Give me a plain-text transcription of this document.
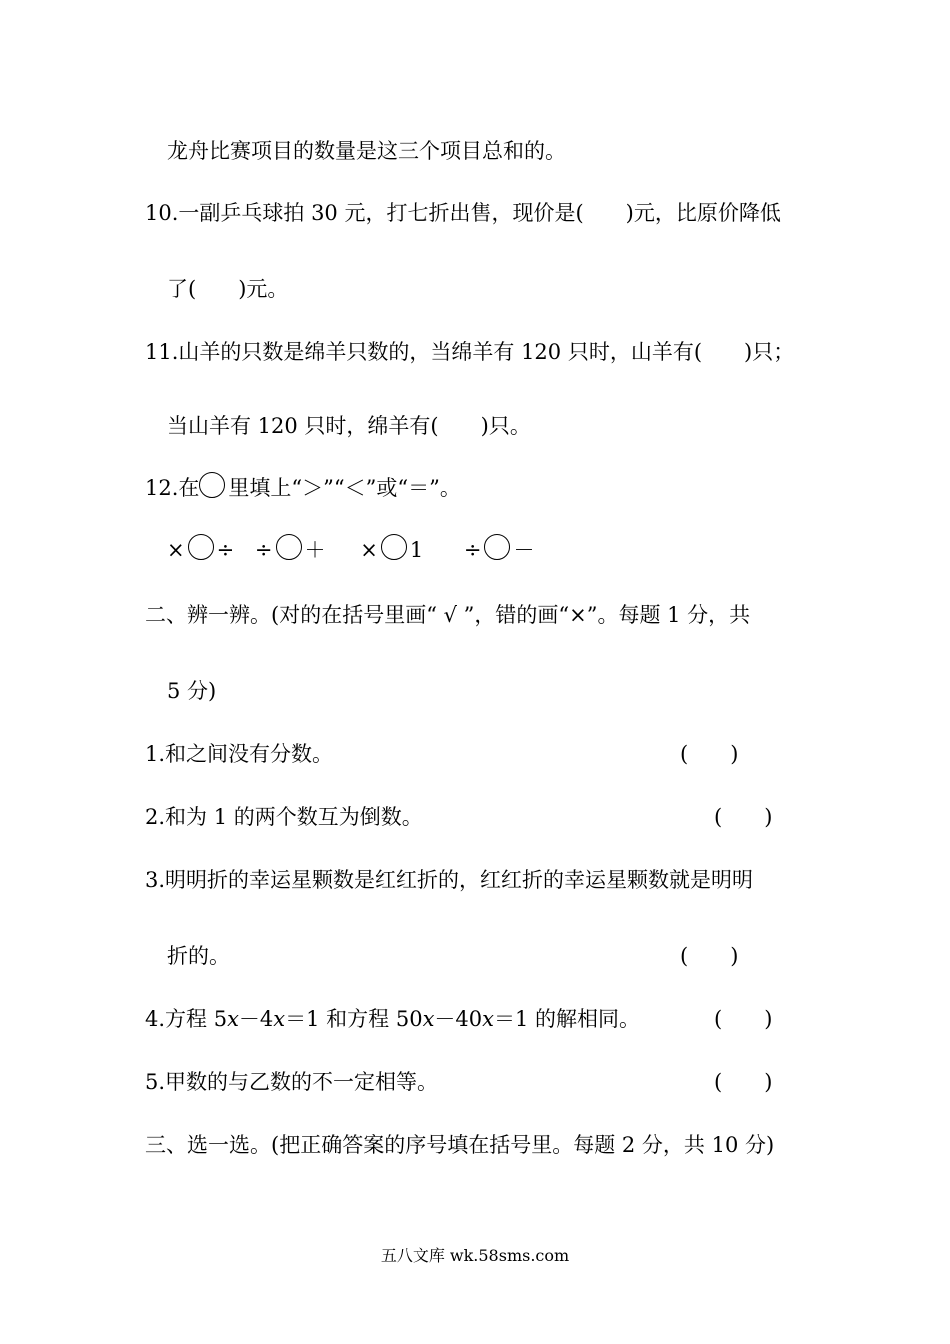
龙舟比赛项目的数量是这三个项目总和的。
10.一副乒乓球拍 30 元，打七折出售，现价是(　　)元，比原价降低
了(　　)元。
11.山羊的只数是绵羊只数的，当绵羊有 120 只时，山羊有(　　)只；
当山羊有 120 只时，绵羊有(　　)只。
12.在 里填上“＞”“＜”或“＝”。
× ÷ ÷ ＋ × 1 ÷ －
二、辨一辨。(对的在括号里画“ √ ”，错的画“×”。每题 1 分，共
5 分)
1.和之间没有分数。	(　　)
2.和为 1 的两个数互为倒数。	(　　)
3.明明折的幸运星颗数是红红折的，红红折的幸运星颗数就是明明
折的。	(　　)
4.方程 5x－4x＝1 和方程 50x－40x＝1 的解相同。	(　　)
5.甲数的与乙数的不一定相等。	(　　)
三、选一选。(把正确答案的序号填在括号里。每题 2 分，共 10 分)
五八文库 wk.58sms.com
